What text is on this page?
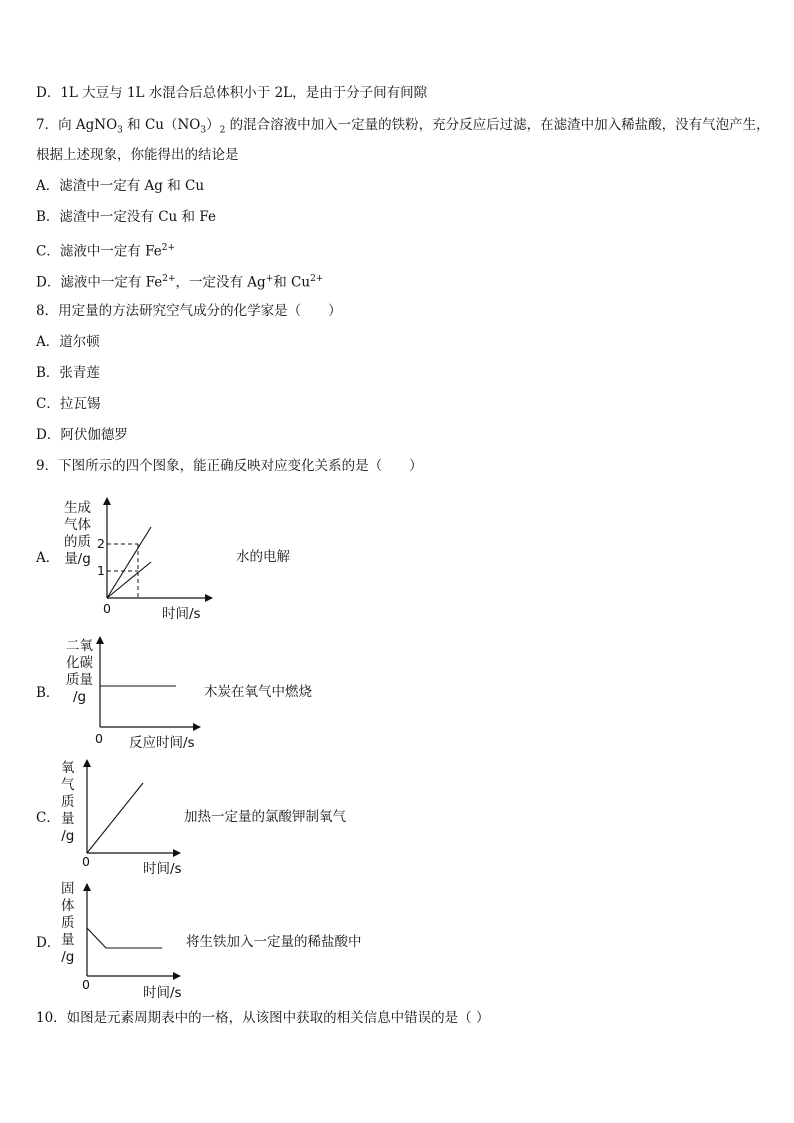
D．1L 大豆与 1L 水混合后总体积小于 2L，是由于分子间有间隙
7．向 AgNO$_3$ 和 $Cu(NO_3)_2$ 的混合溶液中加入一定量的铁粉，充分反应后过滤，在滤渣中加入稀盐酸，没有气泡产生，
根据上述现象，你能得出的结论是
A．滤渣中一定有 Ag 和 Cu
B．滤渣中一定没有 Cu 和 Fe
C．滤液中一定有 $Fe^{2+}$
D．滤液中一定有 $Fe^{2+}$，一定没有 Ag+和 $Cu^{2+}$
8．用定量的方法研究空气成分的化学家是（　　）
A．道尔顿
B．张青莲
C．拉瓦锡
D．阿伏伽德罗
9．下图所示的四个图象，能正确反映对应变化关系的是（　　）
A．
生成
气体
的质
量/g
2
1
0	时间/s
水的电解
B．
二氧
化碳
质量
/g
0 反应时间/s
木炭在氧气中燃烧
C．
氧
气
质
量
/g
0	时间/s
加热一定量的氯酸钾制氧气
D．
固
体
质
量
/g
0
时间/s
将生铁加入一定量的稀盐酸中
10．如图是元素周期表中的一格，从该图中获取的相关信息中错误的是（ ）
